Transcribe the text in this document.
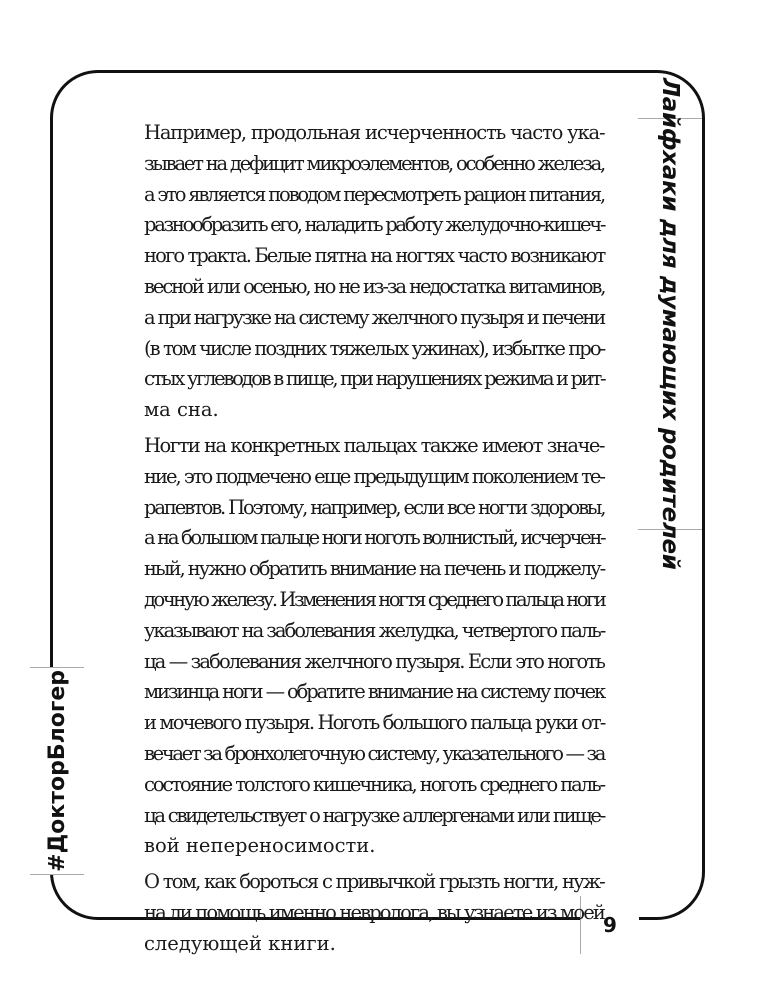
Лайфхаки для думающих родителей
#ДокторБлогер
9

Например, продольная исчерченность часто ука-
зывает на дефицит микроэлементов, особенно железа,
а это является поводом пересмотреть рацион питания,
разнообразить его, наладить работу желудочно-кишеч-
ного тракта. Белые пятна на ногтях часто возникают
весной или осенью, но не из-за недостатка витаминов,
а при нагрузке на систему желчного пузыря и печени
(в том числе поздних тяжелых ужинах), избытке про-
стых углеводов в пище, при нарушениях режима и рит-
ма сна.

Ногти на конкретных пальцах также имеют значе-
ние, это подмечено еще предыдущим поколением те-
рапевтов. Поэтому, например, если все ногти здоровы,
а на большом пальце ноги ноготь волнистый, исчерчен-
ный, нужно обратить внимание на печень и поджелу-
дочную железу. Изменения ногтя среднего пальца ноги
указывают на заболевания желудка, четвертого паль-
ца — заболевания желчного пузыря. Если это ноготь
мизинца ноги — обратите внимание на систему почек
и мочевого пузыря. Ноготь большого пальца руки от-
вечает за бронхолегочную систему, указательного — за
состояние толстого кишечника, ноготь среднего паль-
ца свидетельствует о нагрузке аллергенами или пище-
вой непереносимости.

О том, как бороться с привычкой грызть ногти, нуж-
на ли помощь именно невролога, вы узнаете из моей
следующей книги.
